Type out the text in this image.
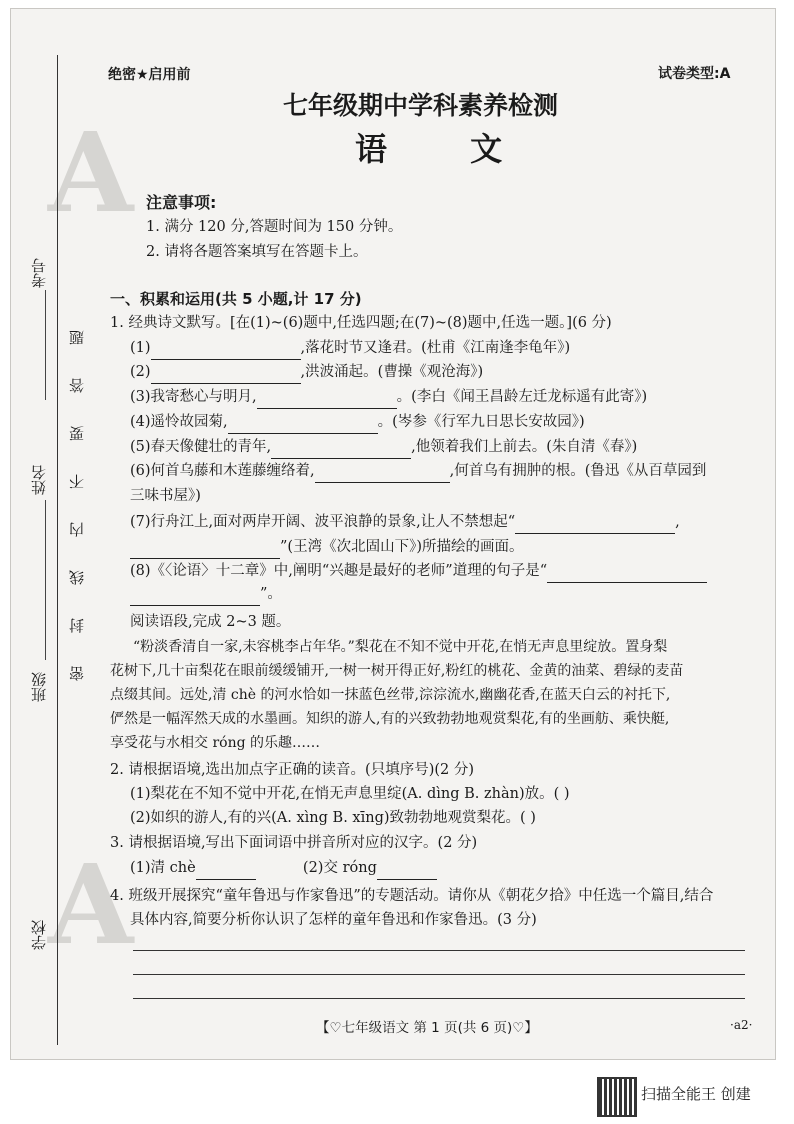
A
A
考号
姓名
班级
学校
题
答
要
不
内
线
封
密
绝密★启用前	试卷类型:A
七年级期中学科素养检测
语 文
注意事项:
1. 满分 120 分,答题时间为 150 分钟。
2. 请将各题答案填写在答题卡上。
一、积累和运用(共 5 小题,计 17 分)
1. 经典诗文默写。[在(1)~(6)题中,任选四题;在(7)~(8)题中,任选一题。](6 分)
(1)	,落花时节又逢君。(杜甫《江南逢李龟年》)
(2)	,洪波涌起。(曹操《观沧海》)
(3)我寄愁心与明月,	。(李白《闻王昌龄左迁龙标遥有此寄》)
(4)遥怜故园菊,	。(岑参《行军九日思长安故园》)
(5)春天像健壮的青年,	,他领着我们上前去。(朱自清《春》)
(6)何首乌藤和木莲藤缠络着,	,何首乌有拥肿的根。(鲁迅《从百草园到
三味书屋》)
(7)行舟江上,面对两岸开阔、波平浪静的景象,让人不禁想起“	,
”(王湾《次北固山下》)所描绘的画面。
(8)《〈论语〉十二章》中,阐明“兴趣是最好的老师”道理的句子是“
”。
阅读语段,完成 2~3 题。
“粉淡香清自一家,未容桃李占年华。”梨花在不知不觉中开花,在悄无声息里绽放。置身梨
花树下,几十亩梨花在眼前缓缓铺开,一树一树开得正好,粉红的桃花、金黄的油菜、碧绿的麦苗
点缀其间。远处,清 chè 的河水恰如一抹蓝色丝带,淙淙流水,幽幽花香,在蓝天白云的衬托下,
俨然是一幅浑然天成的水墨画。知织的游人,有的兴致勃勃地观赏梨花,有的坐画舫、乘快艇,
享受花与水相交 róng 的乐趣……
2. 请根据语境,选出加点字正确的读音。(只填序号)(2 分)
(1)梨花在不知不觉中开花,在悄无声息里绽(A. dìng B. zhàn)放。( )
(2)如织的游人,有的兴(A. xìng B. xīng)致勃勃地观赏梨花。( )
3. 请根据语境,写出下面词语中拼音所对应的汉字。(2 分)
(1)清 chè	(2)交 róng
4. 班级开展探究“童年鲁迅与作家鲁迅”的专题活动。请你从《朝花夕拾》中任选一个篇目,结合
具体内容,简要分析你认识了怎样的童年鲁迅和作家鲁迅。(3 分)
【♡七年级语文 第 1 页(共 6 页)♡】	·a2·
扫描全能王 创建
